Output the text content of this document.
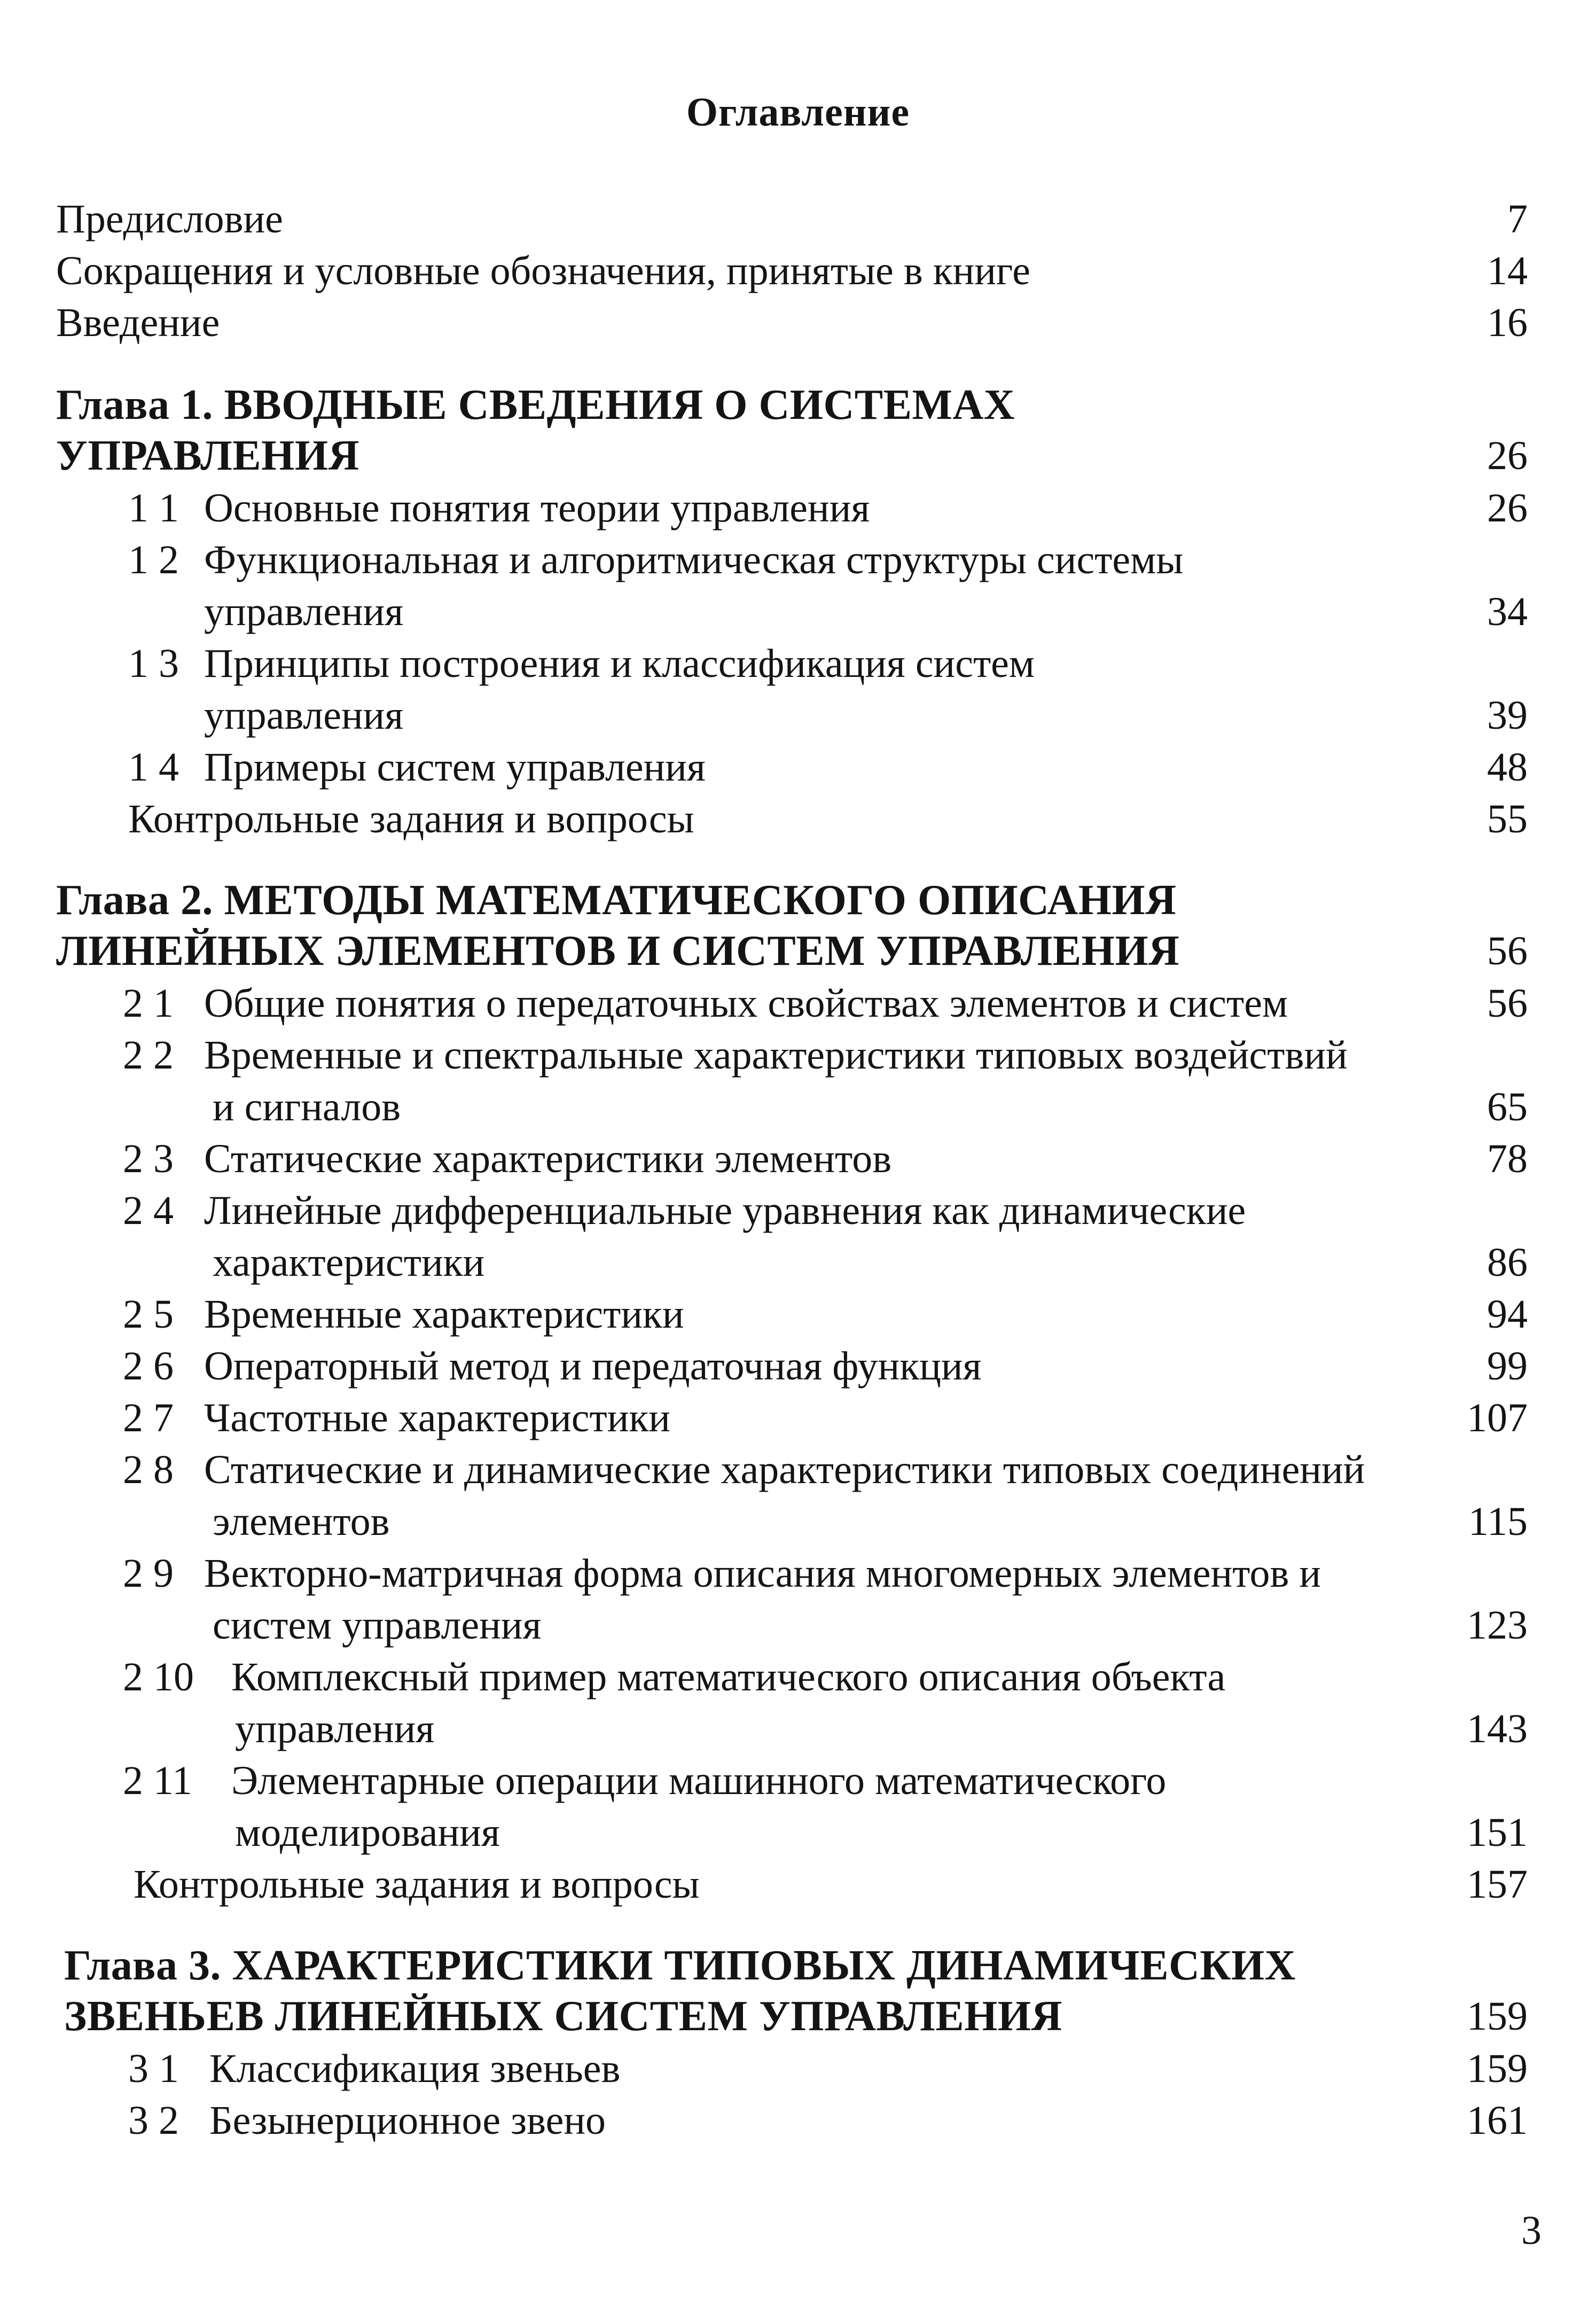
Оглавление
Предисловие	7
Сокращения и условные обозначения, принятые в книге	14
Введение	16
Глава 1. ВВОДНЫЕ СВЕДЕНИЯ О СИСТЕМАХ
УПРАВЛЕНИЯ	26
1 1 Основные понятия теории управления	26
1 2 Функциональная и алгоритмическая структуры системы
управления	34
1 3 Принципы построения и классификация систем
управления	39
1 4 Примеры систем управления	48
Контрольные задания и вопросы	55
Глава 2. МЕТОДЫ МАТЕМАТИЧЕСКОГО ОПИСАНИЯ
ЛИНЕЙНЫХ ЭЛЕМЕНТОВ И СИСТЕМ УПРАВЛЕНИЯ	56
2 1 Общие понятия о передаточных свойствах элементов и систем	56
2 2 Временные и спектральные характеристики типовых воздействий
и сигналов	65
2 3 Статические характеристики элементов	78
2 4 Линейные дифференциальные уравнения как динамические
характеристики	86
2 5 Временные характеристики	94
2 6 Операторный метод и передаточная функция	99
2 7 Частотные характеристики	107
2 8 Статические и динамические характеристики типовых соединений
элементов	115
2 9 Векторно-матричная форма описания многомерных элементов и
систем управления	123
2 10 Комплексный пример математического описания объекта
управления	143
2 11 Элементарные операции машинного математического
моделирования	151
Контрольные задания и вопросы	157
Глава 3. ХАРАКТЕРИСТИКИ ТИПОВЫХ ДИНАМИЧЕСКИХ
ЗВЕНЬЕВ ЛИНЕЙНЫХ СИСТЕМ УПРАВЛЕНИЯ	159
3 1 Классификация звеньев	159
3 2 Безынерционное звено	161
3
